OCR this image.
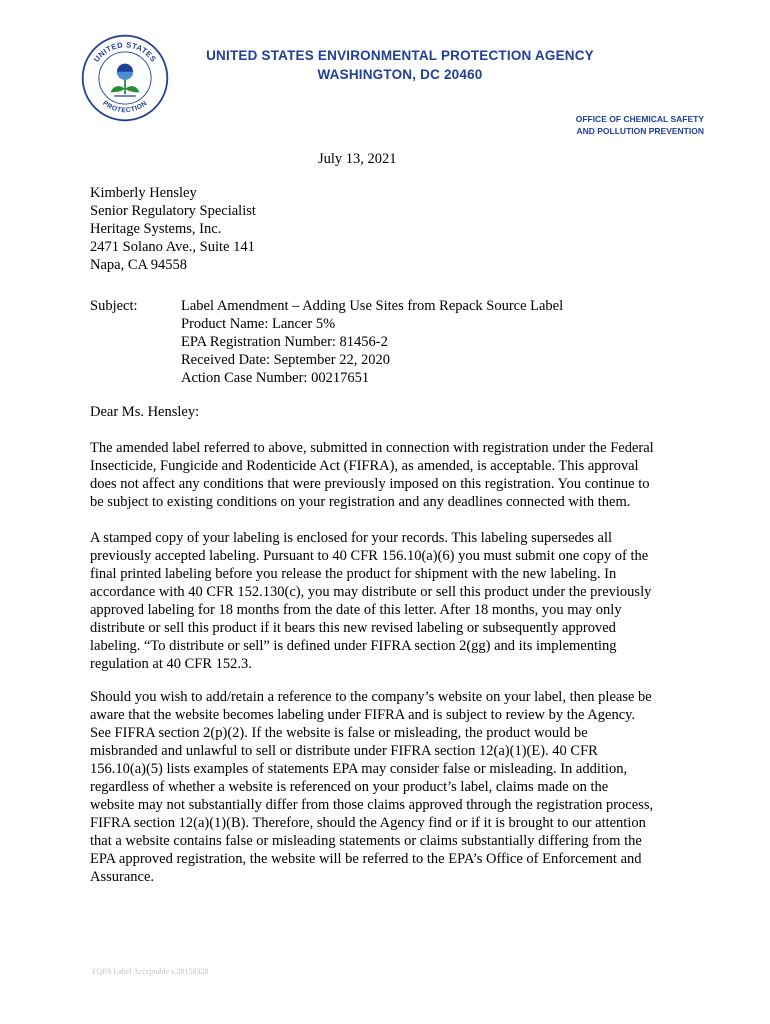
UNITED STATES
PROTECTION
UNITED STATES ENVIRONMENTAL PROTECTION AGENCY
WASHINGTON, DC 20460
OFFICE OF CHEMICAL SAFETY
AND POLLUTION PREVENTION
July 13, 2021
Kimberly Hensley
Senior Regulatory Specialist
Heritage Systems, Inc.
2471 Solano Ave., Suite 141
Napa, CA 94558
Subject:	Label Amendment – Adding Use Sites from Repack Source Label
Product Name: Lancer 5%
EPA Registration Number: 81456-2
Received Date: September 22, 2020
Action Case Number: 00217651
Dear Ms. Hensley:
The amended label referred to above, submitted in connection with registration under the Federal
Insecticide, Fungicide and Rodenticide Act (FIFRA), as amended, is acceptable. This approval
does not affect any conditions that were previously imposed on this registration. You continue to
be subject to existing conditions on your registration and any deadlines connected with them.
A stamped copy of your labeling is enclosed for your records. This labeling supersedes all
previously accepted labeling. Pursuant to 40 CFR 156.10(a)(6) you must submit one copy of the
final printed labeling before you release the product for shipment with the new labeling. In
accordance with 40 CFR 152.130(c), you may distribute or sell this product under the previously
approved labeling for 18 months from the date of this letter. After 18 months, you may only
distribute or sell this product if it bears this new revised labeling or subsequently approved
labeling. “To distribute or sell” is defined under FIFRA section 2(gg) and its implementing
regulation at 40 CFR 152.3.
Should you wish to add/retain a reference to the company’s website on your label, then please be
aware that the website becomes labeling under FIFRA and is subject to review by the Agency.
See FIFRA section 2(p)(2). If the website is false or misleading, the product would be
misbranded and unlawful to sell or distribute under FIFRA section 12(a)(1)(E). 40 CFR
156.10(a)(5) lists examples of statements EPA may consider false or misleading. In addition,
regardless of whether a website is referenced on your product’s label, claims made on the
website may not substantially differ from those claims approved through the registration process,
FIFRA section 12(a)(1)(B). Therefore, should the Agency find or if it is brought to our attention
that a website contains false or misleading statements or claims substantially differing from the
EPA approved registration, the website will be referred to the EPA’s Office of Enforcement and
Assurance.
FQPA Label Acceptable v.20150320
